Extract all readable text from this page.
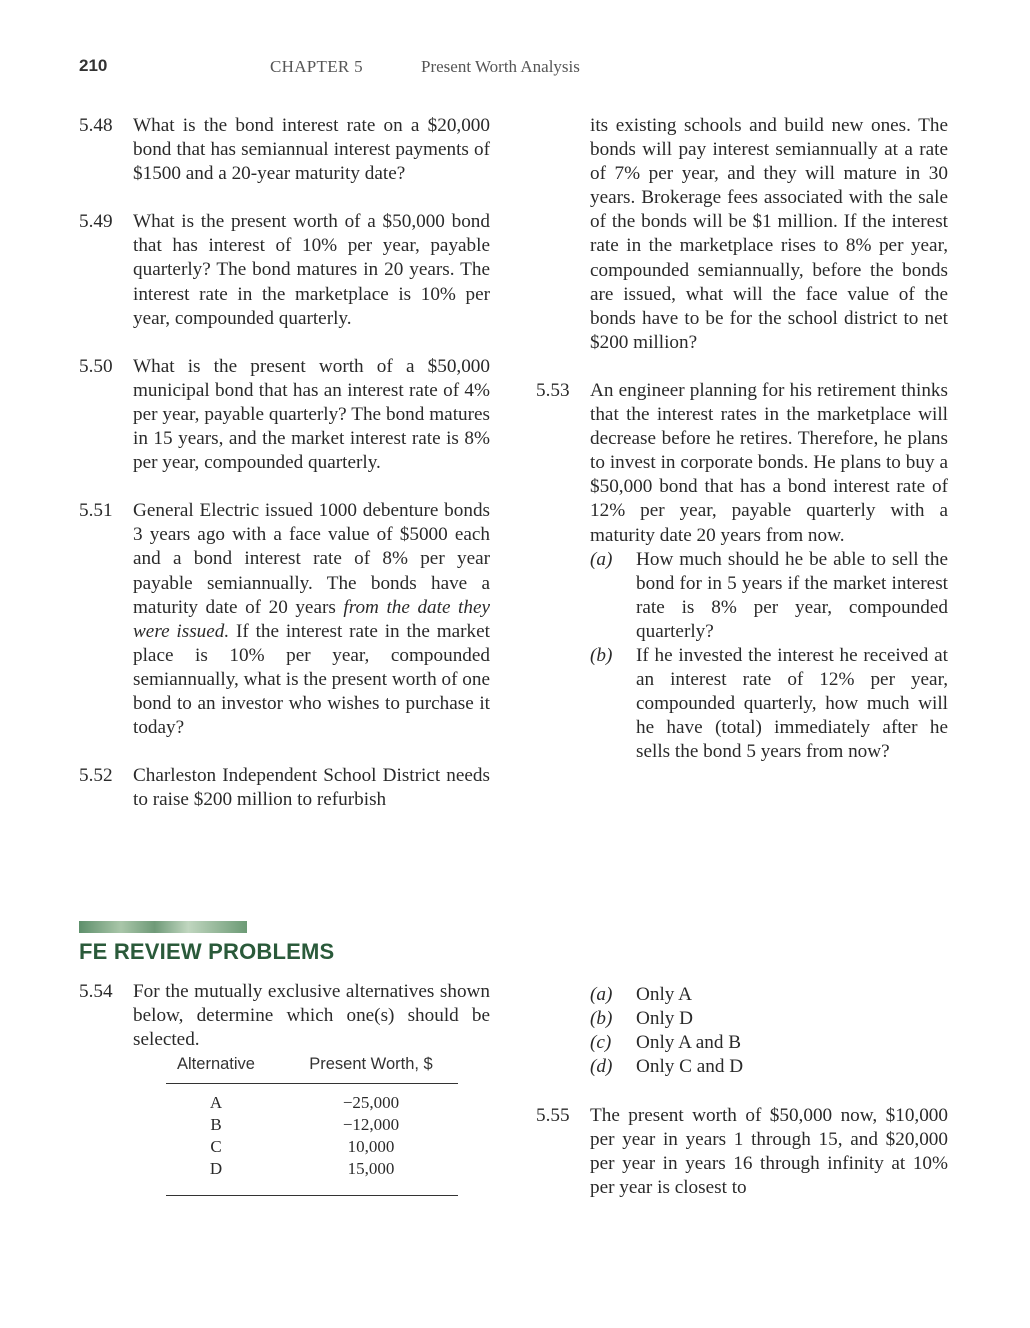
210	CHAPTER 5	Present Worth Analysis
5.48	What is the bond interest rate on a $20,000 bond that has semiannual interest payments of $1500 and a 20-year maturity date?
5.49	What is the present worth of a $50,000 bond that has interest of 10% per year, payable quarterly? The bond matures in 20 years. The interest rate in the marketplace is 10% per year, compounded quarterly.
5.50	What is the present worth of a $50,000 municipal bond that has an interest rate of 4% per year, payable quarterly? The bond matures in 15 years, and the market interest rate is 8% per year, compounded quarterly.
5.51	General Electric issued 1000 debenture bonds 3 years ago with a face value of $5000 each and a bond interest rate of 8% per year payable semiannually. The bonds have a maturity date of 20 years from the date they were issued. If the interest rate in the market place is 10% per year, compounded semiannually, what is the present worth of one bond to an investor who wishes to purchase it today?
5.52	Charleston Independent School District needs to raise $200 million to refurbish
its existing schools and build new ones. The bonds will pay interest semiannually at a rate of 7% per year, and they will mature in 30 years. Brokerage fees associated with the sale of the bonds will be $1 million. If the interest rate in the marketplace rises to 8% per year, compounded semiannually, before the bonds are issued, what will the face value of the bonds have to be for the school district to net $200 million?
5.53	An engineer planning for his retirement thinks that the interest rates in the marketplace will decrease before he retires. Therefore, he plans to invest in corporate bonds. He plans to buy a $50,000 bond that has a bond interest rate of 12% per year, payable quarterly with a maturity date 20 years from now.
(a)	How much should he be able to sell the bond for in 5 years if the market interest rate is 8% per year, compounded quarterly?
(b)	If he invested the interest he received at an interest rate of 12% per year, compounded quarterly, how much will he have (total) immediately after he sells the bond 5 years from now?
FE REVIEW PROBLEMS
5.54	For the mutually exclusive alternatives shown below, determine which one(s) should be selected.
Alternative	Present Worth, $
A	−25,000
B	−12,000
C	10,000
D	15,000
(a)	Only A
(b)	Only D
(c)	Only A and B
(d)	Only C and D
5.55	The present worth of $50,000 now, $10,000 per year in years 1 through 15, and $20,000 per year in years 16 through infinity at 10% per year is closest to
